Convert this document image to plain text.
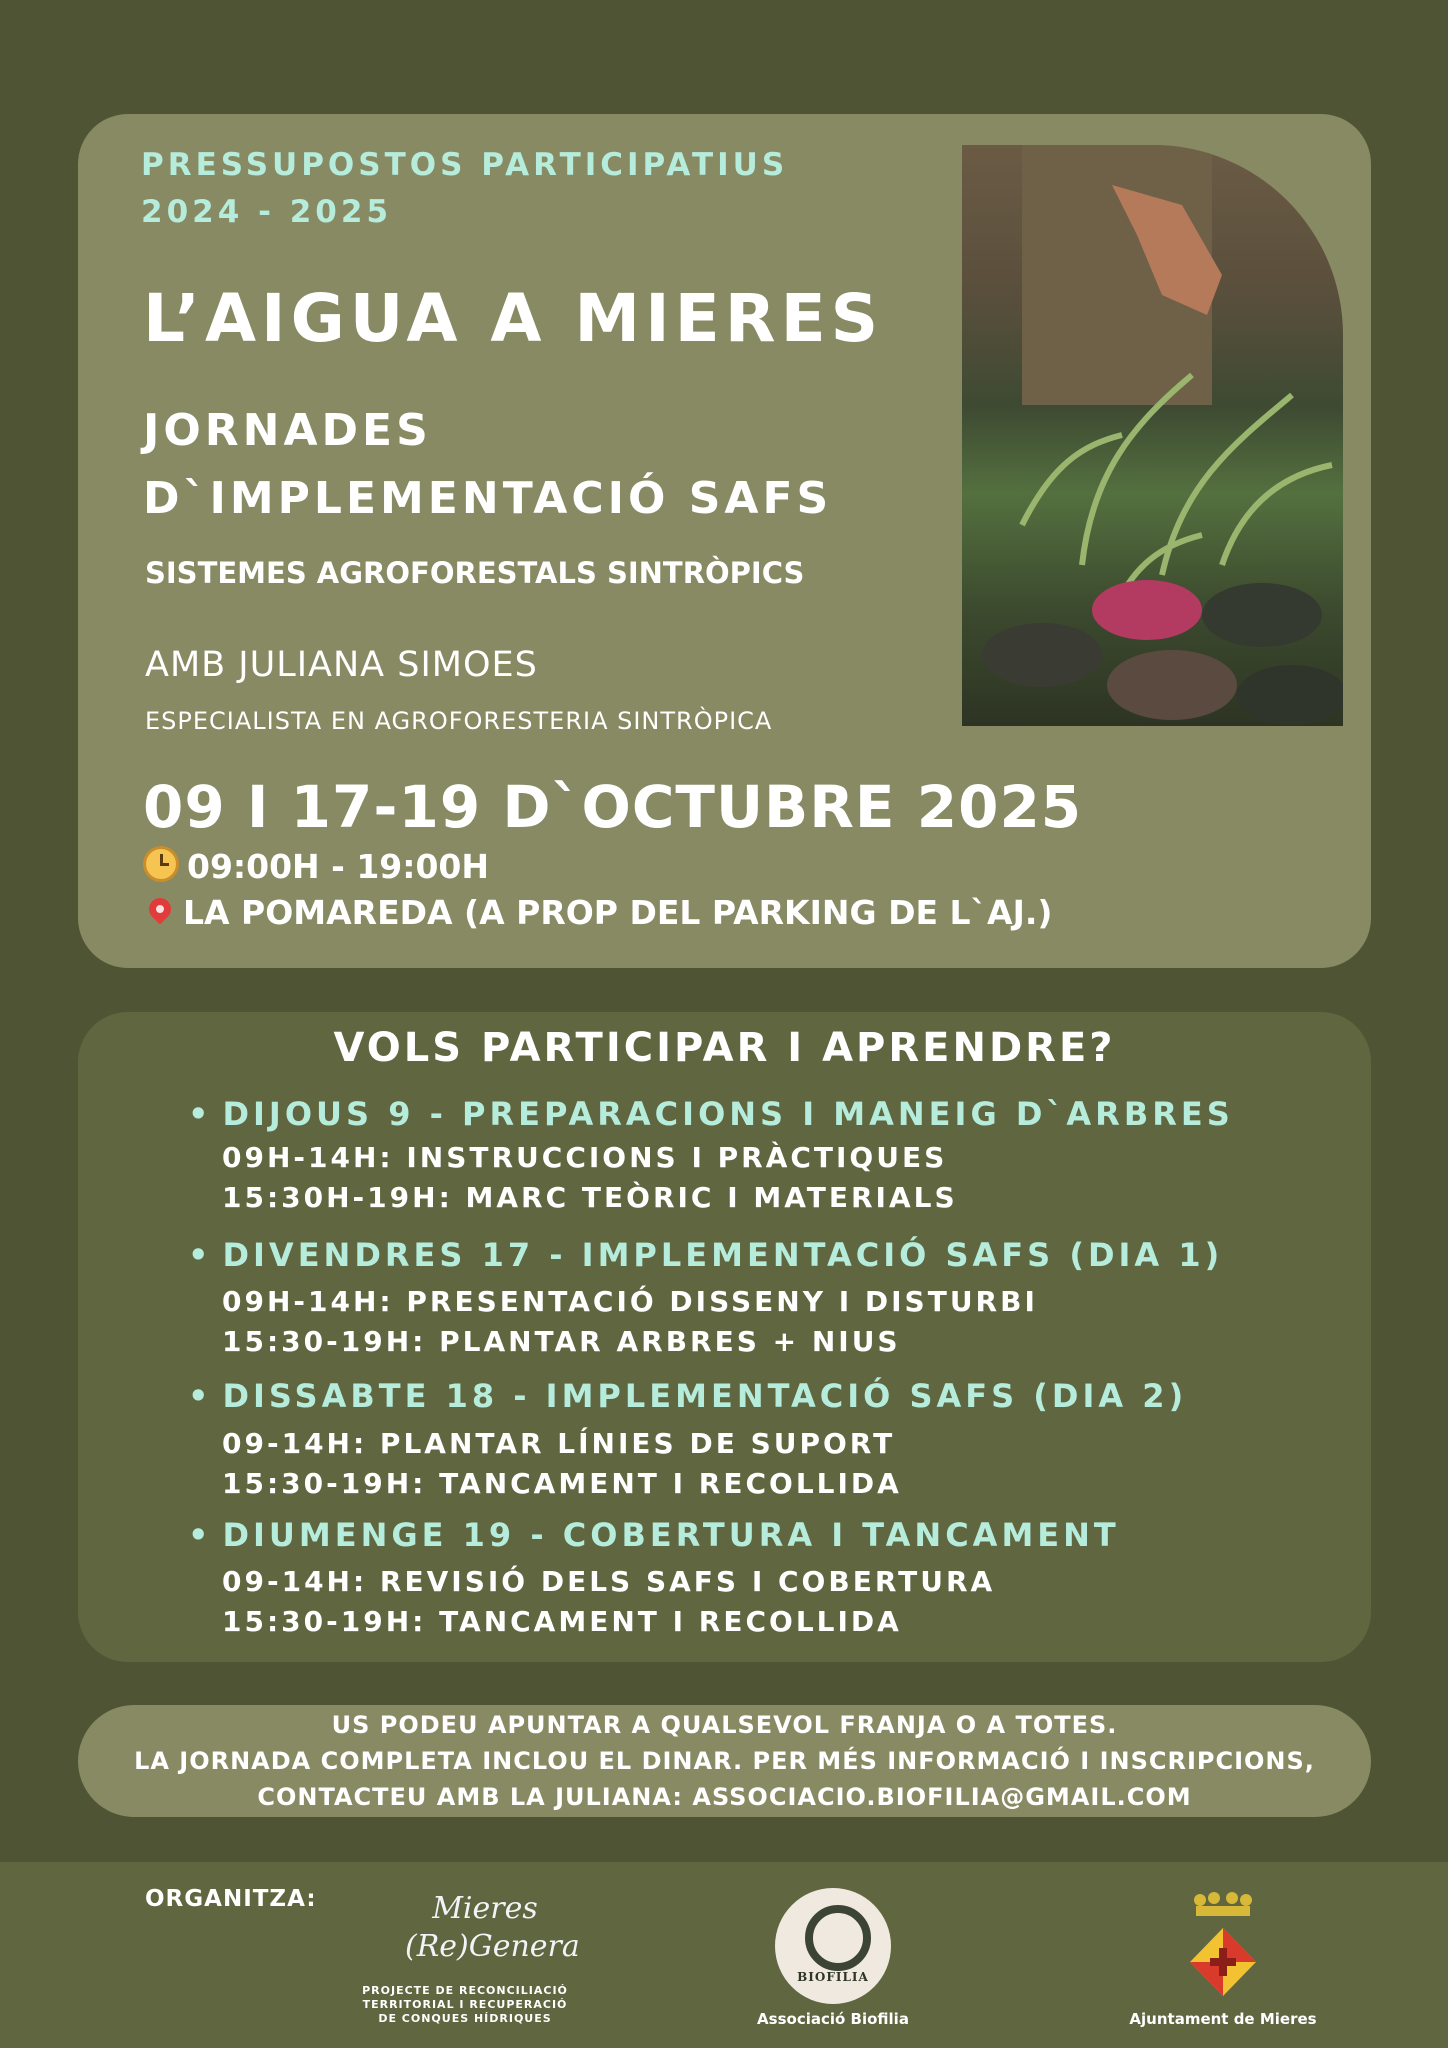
PRESSUPOSTOS PARTICIPATIUS
2024 - 2025
L’AIGUA A MIERES
JORNADES
D`IMPLEMENTACIÓ SAFS
SISTEMES AGROFORESTALS SINTRÒPICS
AMB JULIANA SIMOES
ESPECIALISTA EN AGROFORESTERIA SINTRÒPICA
09 I 17-19 D`OCTUBRE 2025
09:00H - 19:00H
LA POMAREDA (A PROP DEL PARKING DE L`AJ.)
VOLS PARTICIPAR I APRENDRE?
• DIJOUS 9 - PREPARACIONS I MANEIG D`ARBRES
09H-14H: INSTRUCCIONS I PRÀCTIQUES
15:30H-19H: MARC TEÒRIC I MATERIALS
• DIVENDRES 17 - IMPLEMENTACIÓ SAFS (DIA 1)
09H-14H: PRESENTACIÓ DISSENY I DISTURBI
15:30-19H: PLANTAR ARBRES + NIUS
• DISSABTE 18 - IMPLEMENTACIÓ SAFS (DIA 2)
09-14H: PLANTAR LÍNIES DE SUPORT
15:30-19H: TANCAMENT I RECOLLIDA
• DIUMENGE 19 - COBERTURA I TANCAMENT
09-14H: REVISIÓ DELS SAFS I COBERTURA
15:30-19H: TANCAMENT I RECOLLIDA
US PODEU APUNTAR A QUALSEVOL FRANJA O A TOTES.
LA JORNADA COMPLETA INCLOU EL DINAR. PER MÉS INFORMACIÓ I INSCRIPCIONS,
CONTACTEU AMB LA JULIANA: ASSOCIACIO.BIOFILIA@GMAIL.COM
ORGANITZA:	Mieres
(Re)Genera
PROJECTE DE RECONCILIACIÓ
TERRITORIAL I RECUPERACIÓ
DE CONQUES HÍDRIQUES
BIOFILIA
Associació Biofilia	Ajuntament de Mieres
